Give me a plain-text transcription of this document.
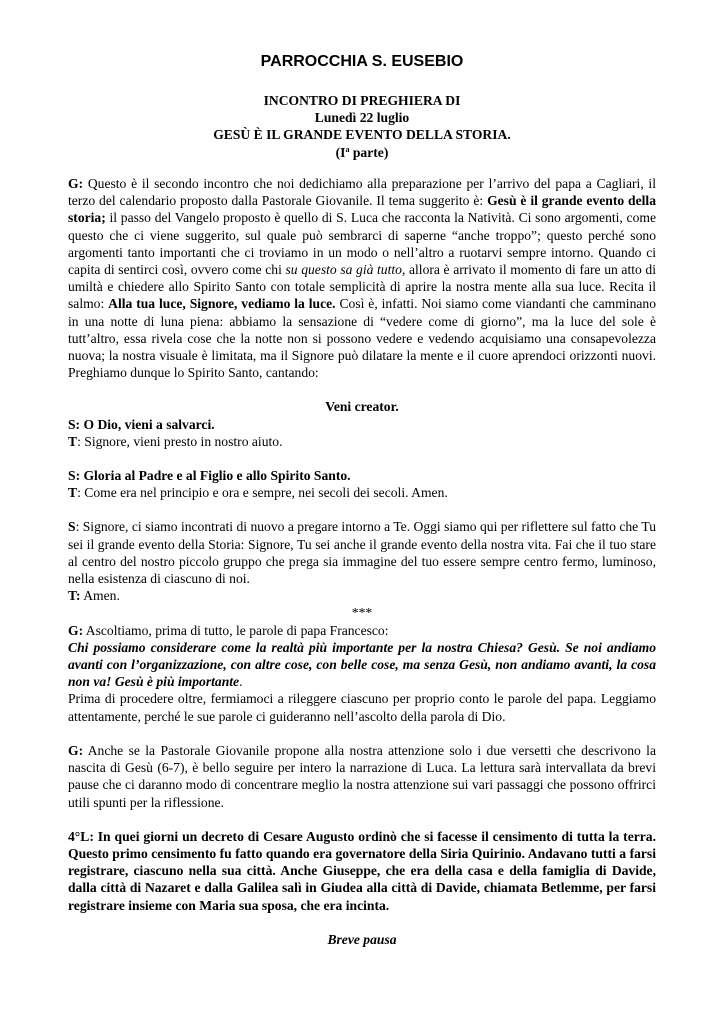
PARROCCHIA S. EUSEBIO
INCONTRO DI PREGHIERA DI
Lunedì 22 luglio
GESÙ È IL GRANDE EVENTO DELLA STORIA.
($I^a$ parte)

G: Questo è il secondo incontro che noi dedichiamo alla preparazione per l’arrivo del papa a Cagliari, il terzo del calendario proposto dalla Pastorale Giovanile. Il tema suggerito è: Gesù è il grande evento della storia; il passo del Vangelo proposto è quello di S. Luca che racconta la Natività. Ci sono argomenti, come questo che ci viene suggerito, sul quale può sembrarci di saperne “anche troppo”; questo perché sono argomenti tanto importanti che ci troviamo in un modo o nell’altro a ruotarvi sempre intorno. Quando ci capita di sentirci così, ovvero come chi su questo sa già tutto, allora è arrivato il momento di fare un atto di umiltà e chiedere allo Spirito Santo con totale semplicità di aprire la nostra mente alla sua luce. Recita il salmo: Alla tua luce, Signore, vediamo la luce. Così è, infatti. Noi siamo come viandanti che camminano in una notte di luna piena: abbiamo la sensazione di “vedere come di giorno”, ma la luce del sole è tutt’altro, essa rivela cose che la notte non si possono vedere e vedendo acquisiamo una consapevolezza nuova; la nostra visuale è limitata, ma il Signore può dilatare la mente e il cuore aprendoci orizzonti nuovi. Preghiamo dunque lo Spirito Santo, cantando:

Veni creator.

S: O Dio, vieni a salvarci.

T: Signore, vieni presto in nostro aiuto.

S: Gloria al Padre e al Figlio e allo Spirito Santo.

T: Come era nel principio e ora e sempre, nei secoli dei secoli. Amen.

S: Signore, ci siamo incontrati di nuovo a pregare intorno a Te. Oggi siamo qui per riflettere sul fatto che Tu sei il grande evento della Storia: Signore, Tu sei anche il grande evento della nostra vita. Fai che il tuo stare al centro del nostro piccolo gruppo che prega sia immagine del tuo essere sempre centro fermo, luminoso, nella esistenza di ciascuno di noi.

T: Amen.

***

G: Ascoltiamo, prima di tutto, le parole di papa Francesco:

Chi possiamo considerare come la realtà più importante per la nostra Chiesa? Gesù. Se noi andiamo avanti con l’organizzazione, con altre cose, con belle cose, ma senza Gesù, non andiamo avanti, la cosa non va! Gesù è più importante.

Prima di procedere oltre, fermiamoci a rileggere ciascuno per proprio conto le parole del papa. Leggiamo attentamente, perché le sue parole ci guideranno nell’ascolto della parola di Dio.

G: Anche se la Pastorale Giovanile propone alla nostra attenzione solo i due versetti che descrivono la nascita di Gesù (6-7), è bello seguire per intero la narrazione di Luca. La lettura sarà intervallata da brevi pause che ci daranno modo di concentrare meglio la nostra attenzione sui vari passaggi che possono offrirci utili spunti per la riflessione.

4°L: In quei giorni un decreto di Cesare Augusto ordinò che si facesse il censimento di tutta la terra. Questo primo censimento fu fatto quando era governatore della Siria Quirinio. Andavano tutti a farsi registrare, ciascuno nella sua città. Anche Giuseppe, che era della casa e della famiglia di Davide, dalla città di Nazaret e dalla Galilea salì in Giudea alla città di Davide, chiamata Betlemme, per farsi registrare insieme con Maria sua sposa, che era incinta.

Breve pausa
